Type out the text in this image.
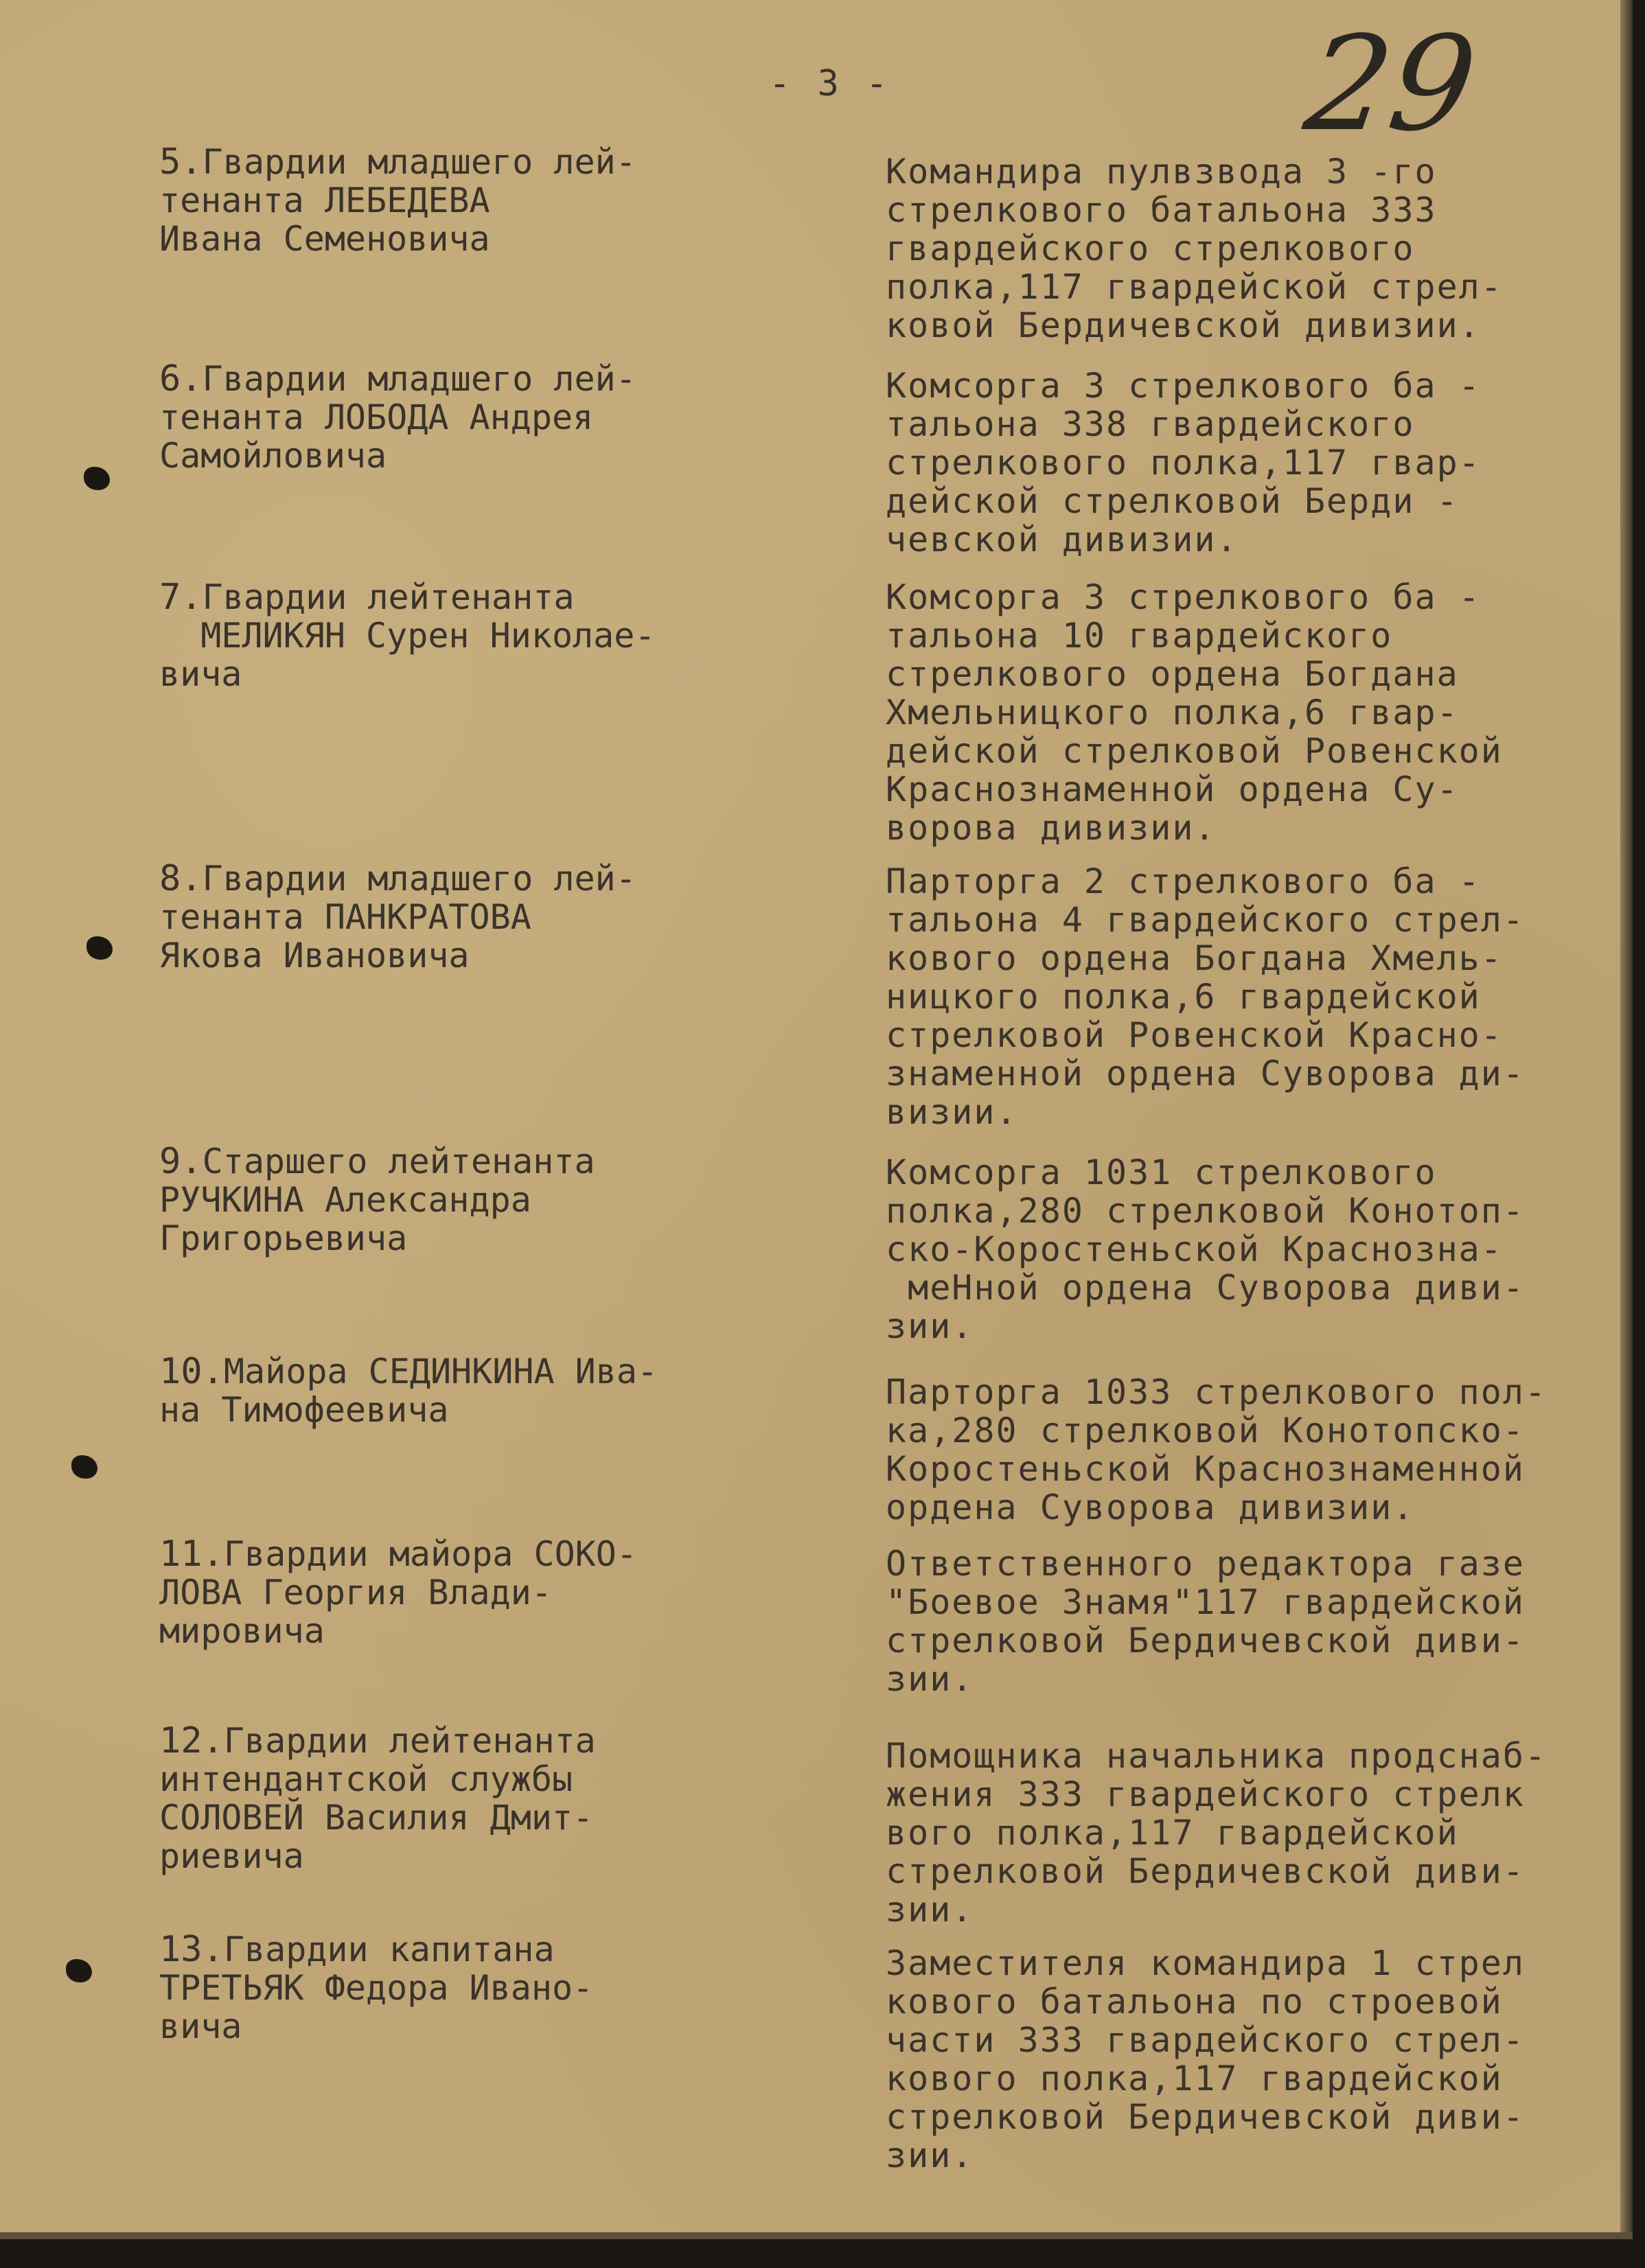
- 3 -	29
5.Гвардии младшего лей-
тенанта ЛЕБЕДЕВА
Ивана Семеновича
Командира пулвзвода 3 -го
стрелкового батальона 333
гвардейского стрелкового
полка,117 гвардейской стрел-
ковой Бердичевской дивизии.
6.Гвардии младшего лей-
тенанта ЛОБОДА Андрея
Самойловича
Комсорга 3 стрелкового ба -
тальона 338 гвардейского
стрелкового полка,117 гвар-
дейской стрелковой Берди -
чевской дивизии.
7.Гвардии лейтенанта
МЕЛИКЯН Сурен Николае-
вича
Комсорга 3 стрелкового ба -
тальона 10 гвардейского
стрелкового ордена Богдана
Хмельницкого полка,6 гвар-
дейской стрелковой Ровенской
Краснознаменной ордена Су-
ворова дивизии.
8.Гвардии младшего лей-
тенанта ПАНКРАТОВА
Якова Ивановича
Парторга 2 стрелкового ба -
тальона 4 гвардейского стрел-
кового ордена Богдана Хмель-
ницкого полка,6 гвардейской
стрелковой Ровенской Красно-
знаменной ордена Суворова ди-
визии.
9.Старшего лейтенанта
РУЧКИНА Александра
Григорьевича
Комсорга 1031 стрелкового
полка,280 стрелковой Конотоп-
ско-Коростеньской Краснозна-
меНной ордена Суворова диви-
зии.
10.Майора СЕДИНКИНА Ива-
на Тимофеевича	Парторга 1033 стрелкового пол-
ка,280 стрелковой Конотопско-
Коростеньской Краснознаменной
ордена Суворова дивизии.
11.Гвардии майора СОКО-
ЛОВА Георгия Влади-
мировича
Ответственного редактора газе
"Боевое Знамя"117 гвардейской
стрелковой Бердичевской диви-
зии.
12.Гвардии лейтенанта
интендантской службы
СОЛОВЕЙ Василия Дмит-
риевича
Помощника начальника продснаб-
жения 333 гвардейского стрелк
вого полка,117 гвардейской
стрелковой Бердичевской диви-
зии.
13.Гвардии капитана
ТРЕТЬЯК Федора Ивано-
вича
Заместителя командира 1 стрел
кового батальона по строевой
части 333 гвардейского стрел-
кового полка,117 гвардейской
стрелковой Бердичевской диви-
зии.
